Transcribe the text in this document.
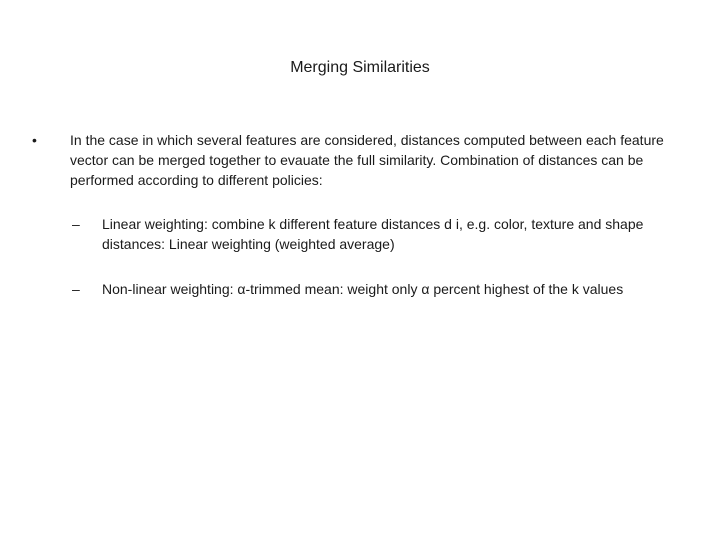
Merging Similarities
•	In the case in which several features are considered, distances computed between each feature vector can be merged together to evauate the full similarity. Combination of distances can be performed according to different policies:
–	Linear weighting: combine k different feature distances d i, e.g. color, texture and shape distances: Linear weighting (weighted average)
–	Non-linear weighting: α-trimmed mean: weight only α percent highest of the k values
